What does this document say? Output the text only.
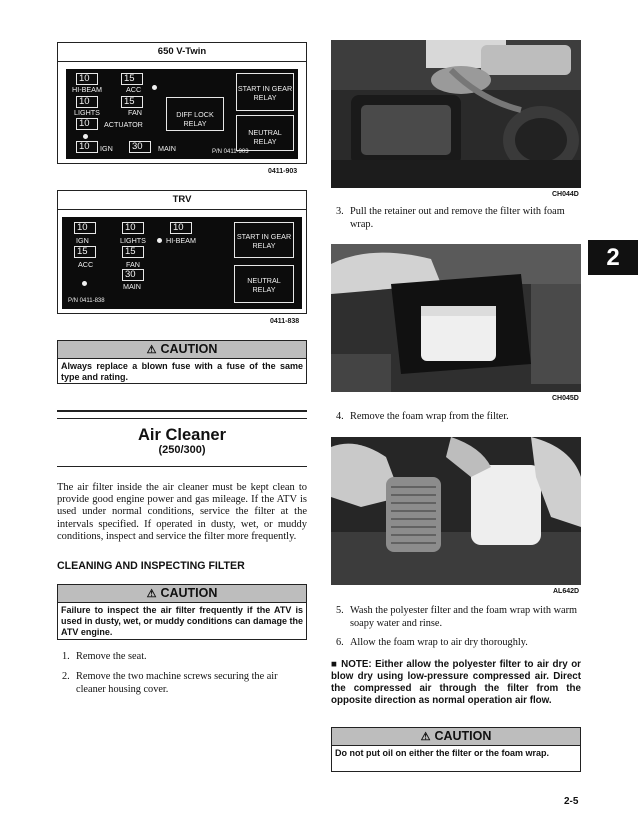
650 V-Twin
10
HI-BEAM
15
ACC
10
LIGHTS
15
FAN
10 ACTUATOR
10 IGN 30 MAIN
DIFF LOCK
RELAY
START IN GEAR
RELAY
NEUTRAL
RELAY
P/N 0411-903
0411-903
TRV
10
IGN
10
LIGHTS
10
HI-BEAM
15
ACC
15
FAN
30
MAIN
START IN GEAR
RELAY
NEUTRAL
RELAY
P/N 0411-838
0411-838
⚠ CAUTION
Always replace a blown fuse with a fuse of the same type and rating.
Air Cleaner
(250/300)
The air filter inside the air cleaner must be kept clean to provide good engine power and gas mileage. If the ATV is used under normal conditions, service the filter at the intervals specified. If operated in dusty, wet, or muddy conditions, inspect and service the filter more frequently.
CLEANING AND INSPECTING FILTER
⚠ CAUTION
Failure to inspect the air filter frequently if the ATV is used in dusty, wet, or muddy conditions can damage the ATV engine.
1. Remove the seat.
2. Remove the two machine screws securing the air cleaner housing cover.
CH044D
3. Pull the retainer out and remove the filter with foam wrap.
CH045D
4. Remove the foam wrap from the filter.
AL642D
5. Wash the polyester filter and the foam wrap with warm soapy water and rinse.
6. Allow the foam wrap to air dry thoroughly.
■ NOTE: Either allow the polyester filter to air dry or blow dry using low-pressure compressed air. Direct the compressed air through the filter from the opposite direction as normal operation air flow.
⚠ CAUTION
Do not put oil on either the filter or the foam wrap.
2
2-5
